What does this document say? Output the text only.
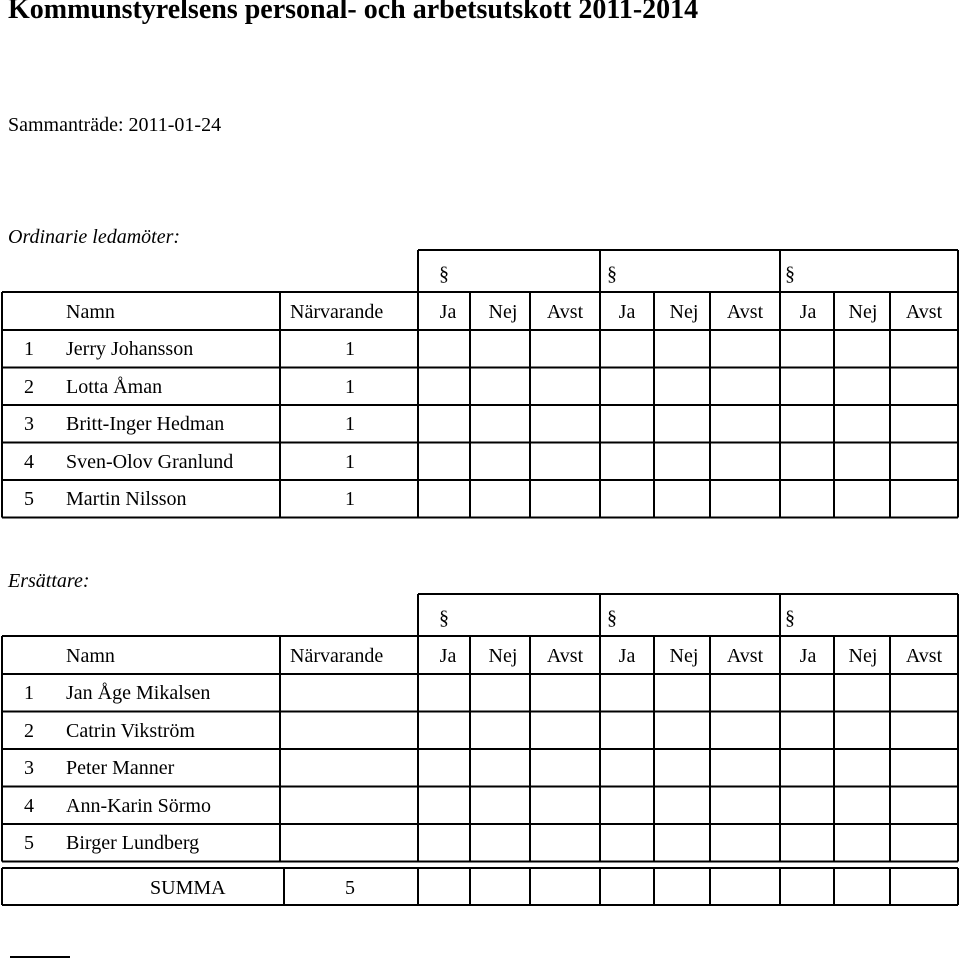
Kommunstyrelsens personal- och arbetsutskott 2011-2014
Sammanträde: 2011-01-24
Ordinarie ledamöter:
Ersättare:
§	§	§
Namn	Närvarande	Ja Nej Avst Ja Nej Avst Ja Nej Avst
1 Jerry Johansson	1
2 Lotta Åman	1
3 Britt-Inger Hedman	1
4 Sven-Olov Granlund	1
5 Martin Nilsson	1
§	§	§
Namn	Närvarande	Ja Nej Avst Ja Nej Avst Ja Nej Avst
1 Jan Åge Mikalsen
2 Catrin Vikström
3 Peter Manner
4 Ann-Karin Sörmo
5 Birger Lundberg
SUMMA	5
